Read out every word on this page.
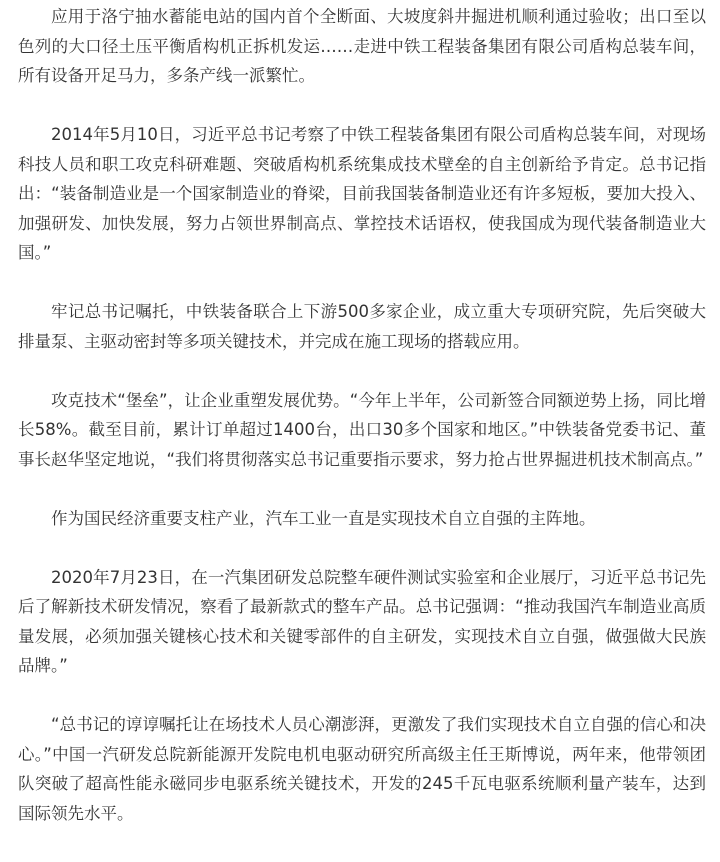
应用于洛宁抽水蓄能电站的国内首个全断面、大坡度斜井掘进机顺利通过验收；出口至以色列的大口径土压平衡盾构机正拆机发运……走进中铁工程装备集团有限公司盾构总装车间，所有设备开足马力，多条产线一派繁忙。

2014年5月10日，习近平总书记考察了中铁工程装备集团有限公司盾构总装车间，对现场科技人员和职工攻克科研难题、突破盾构机系统集成技术壁垒的自主创新给予肯定。总书记指出：“装备制造业是一个国家制造业的脊梁，目前我国装备制造业还有许多短板，要加大投入、加强研发、加快发展，努力占领世界制高点、掌控技术话语权，使我国成为现代装备制造业大国。”

牢记总书记嘱托，中铁装备联合上下游500多家企业，成立重大专项研究院，先后突破大排量泵、主驱动密封等多项关键技术，并完成在施工现场的搭载应用。

攻克技术“堡垒”，让企业重塑发展优势。“今年上半年，公司新签合同额逆势上扬，同比增长58%。截至目前，累计订单超过1400台，出口30多个国家和地区。”中铁装备党委书记、董事长赵华坚定地说，“我们将贯彻落实总书记重要指示要求，努力抢占世界掘进机技术制高点。”

作为国民经济重要支柱产业，汽车工业一直是实现技术自立自强的主阵地。

2020年7月23日，在一汽集团研发总院整车硬件测试实验室和企业展厅，习近平总书记先后了解新技术研发情况，察看了最新款式的整车产品。总书记强调：“推动我国汽车制造业高质量发展，必须加强关键核心技术和关键零部件的自主研发，实现技术自立自强，做强做大民族品牌。”

“总书记的谆谆嘱托让在场技术人员心潮澎湃，更激发了我们实现技术自立自强的信心和决心。”中国一汽研发总院新能源开发院电机电驱动研究所高级主任王斯博说，两年来，他带领团队突破了超高性能永磁同步电驱系统关键技术，开发的245千瓦电驱系统顺利量产装车，达到国际领先水平。
